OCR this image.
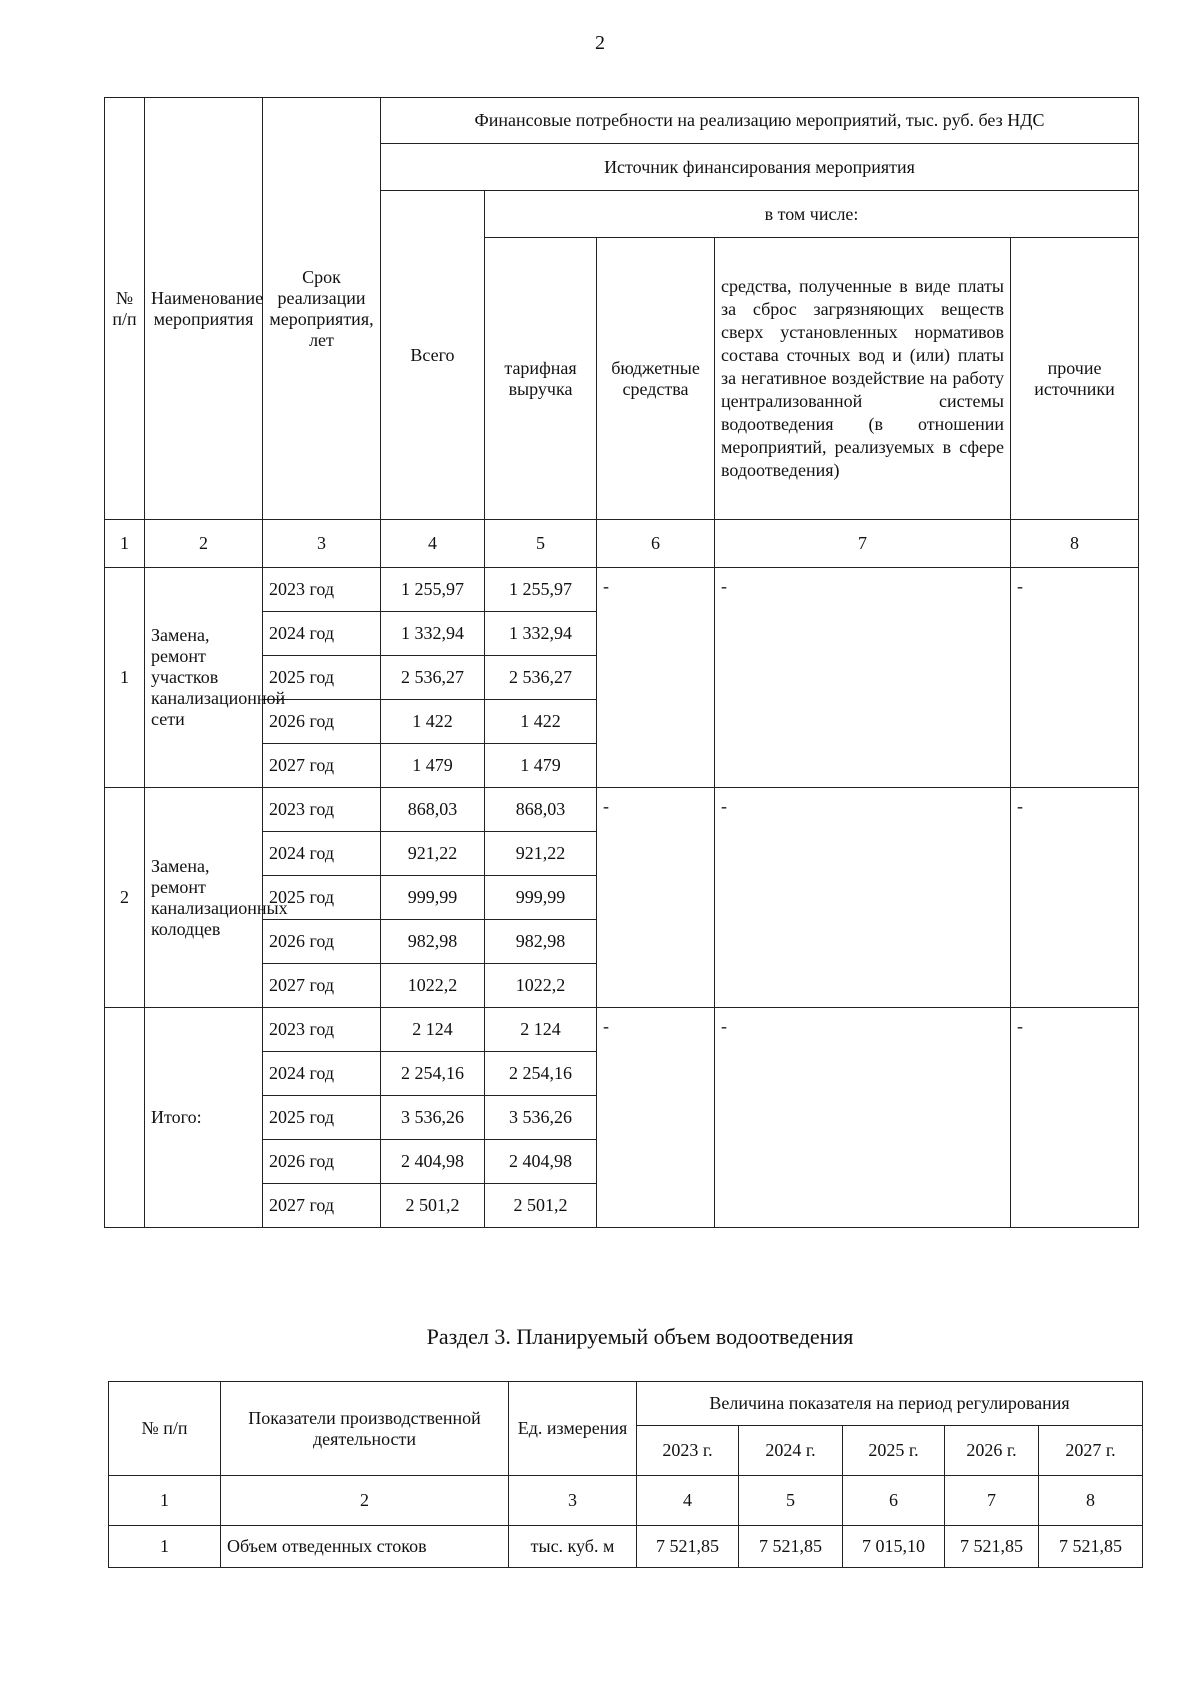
2
№ п/п	Наименование мероприятия	Срок реализации мероприятия, лет	Финансовые потребности на реализацию мероприятий, тыс. руб. без НДС				
			Источник финансирования мероприятия				
			Всего	в том числе:			
				тарифная выручка	бюджетные средства	средства, полученные в виде платы за сброс загрязняющих веществ сверх установленных нормативов состава сточных вод и (или) платы за негативное воздействие на работу централизованной системы водоотведения (в отношении мероприятий, реализуемых в сфере водоотведения)	прочие источники
1	2	3	4	5	6	7	8
1	Замена, ремонт участков канализационной сети	2023 год	1 255,97	1 255,97	-	-	-
		2024 год	1 332,94	1 332,94			
		2025 год	2 536,27	2 536,27			
		2026 год	1 422	1 422			
		2027 год	1 479	1 479			
2	Замена, ремонт канализационных колодцев	2023 год	868,03	868,03	-	-	-
		2024 год	921,22	921,22			
		2025 год	999,99	999,99			
		2026 год	982,98	982,98			
		2027 год	1022,2	1022,2			
	Итого:	2023 год	2 124	2 124	-	-	-
		2024 год	2 254,16	2 254,16			
		2025 год	3 536,26	3 536,26			
		2026 год	2 404,98	2 404,98			
		2027 год	2 501,2	2 501,2			
Раздел 3. Планируемый объем водоотведения
№ п/п	Показатели производственной деятельности	Ед. измерения	Величина показателя на период регулирования				
			2023 г.	2024 г.	2025 г.	2026 г.	2027 г.
1	2	3	4	5	6	7	8
1	Объем отведенных стоков	тыс. куб. м	7 521,85	7 521,85	7 015,10	7 521,85	7 521,85
